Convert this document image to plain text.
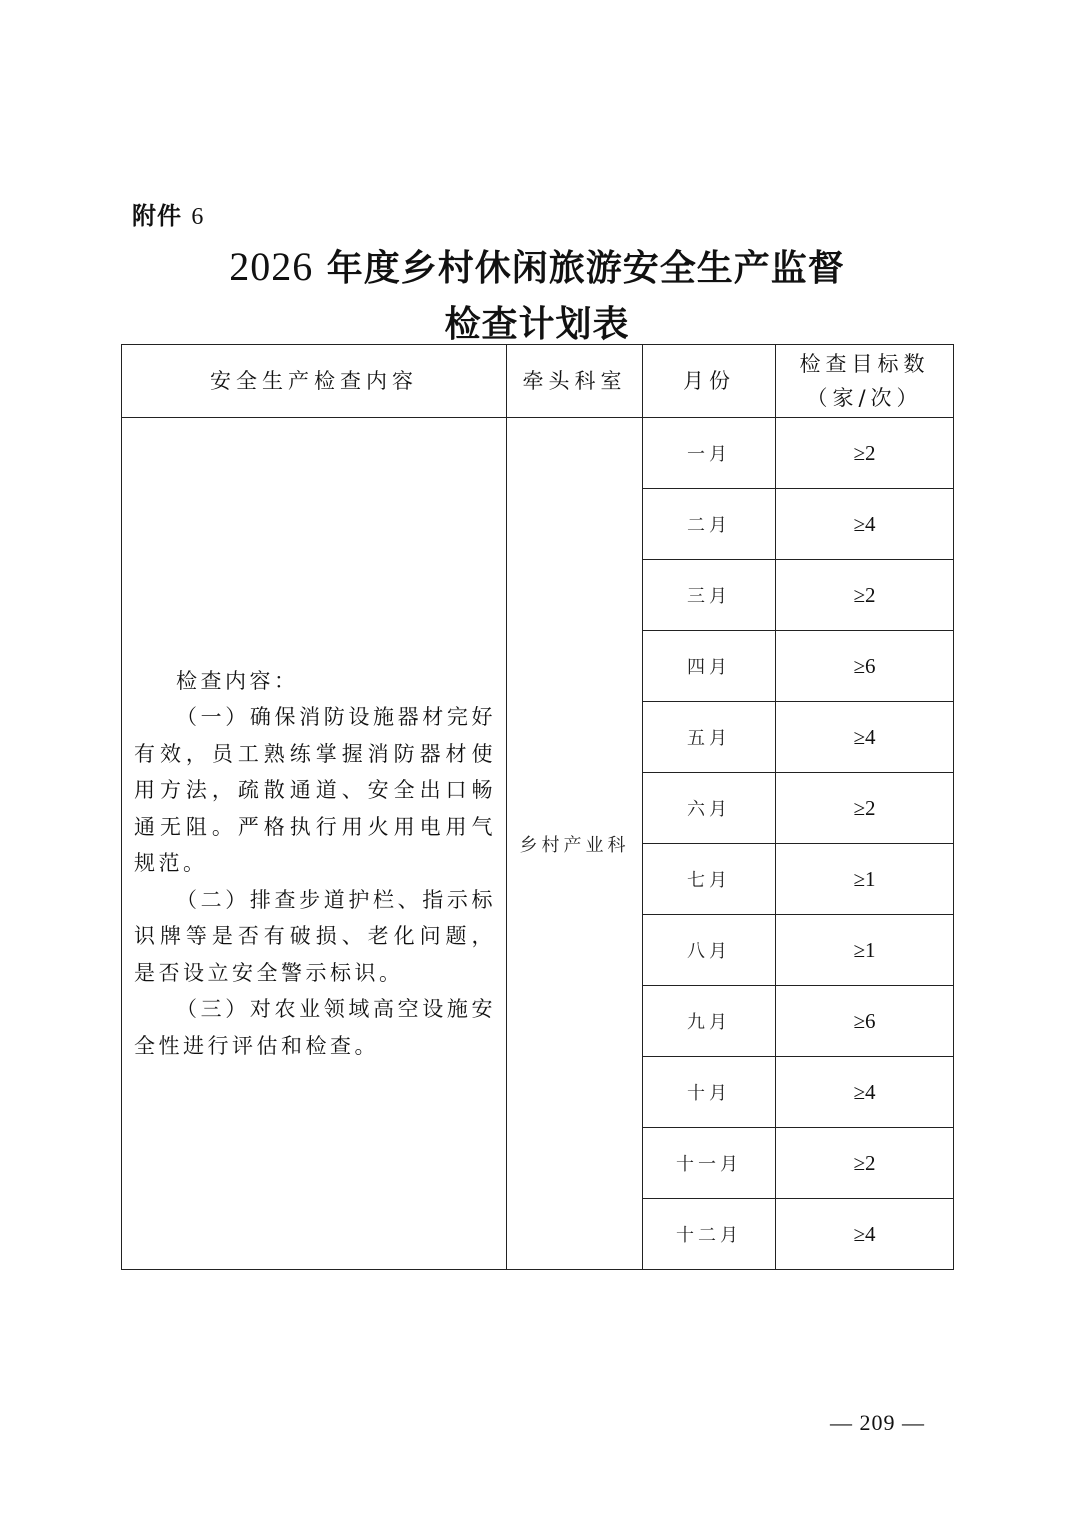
附件 6
2026 年度乡村休闲旅游安全生产监督
检查计划表
安全生产检查内容	牵头科室	月份	检查目标数
（家/次）

检查内容：

（一）确保消防设施器材完好有效，员工熟练掌握消防器材使用方法，疏散通道、安全出口畅通无阻。严格执行用火用电用气规范。

（二）排查步道护栏、指示标识牌等是否有破损、老化问题，是否设立安全警示标识。

（三）对农业领域高空设施安全性进行评估和检查。	乡村产业科	一月	≥2
		二月	≥4
		三月	≥2
		四月	≥6
		五月	≥4
		六月	≥2
		七月	≥1
		八月	≥1
		九月	≥6
		十月	≥4
		十一月	≥2
		十二月	≥4
— 209 —
